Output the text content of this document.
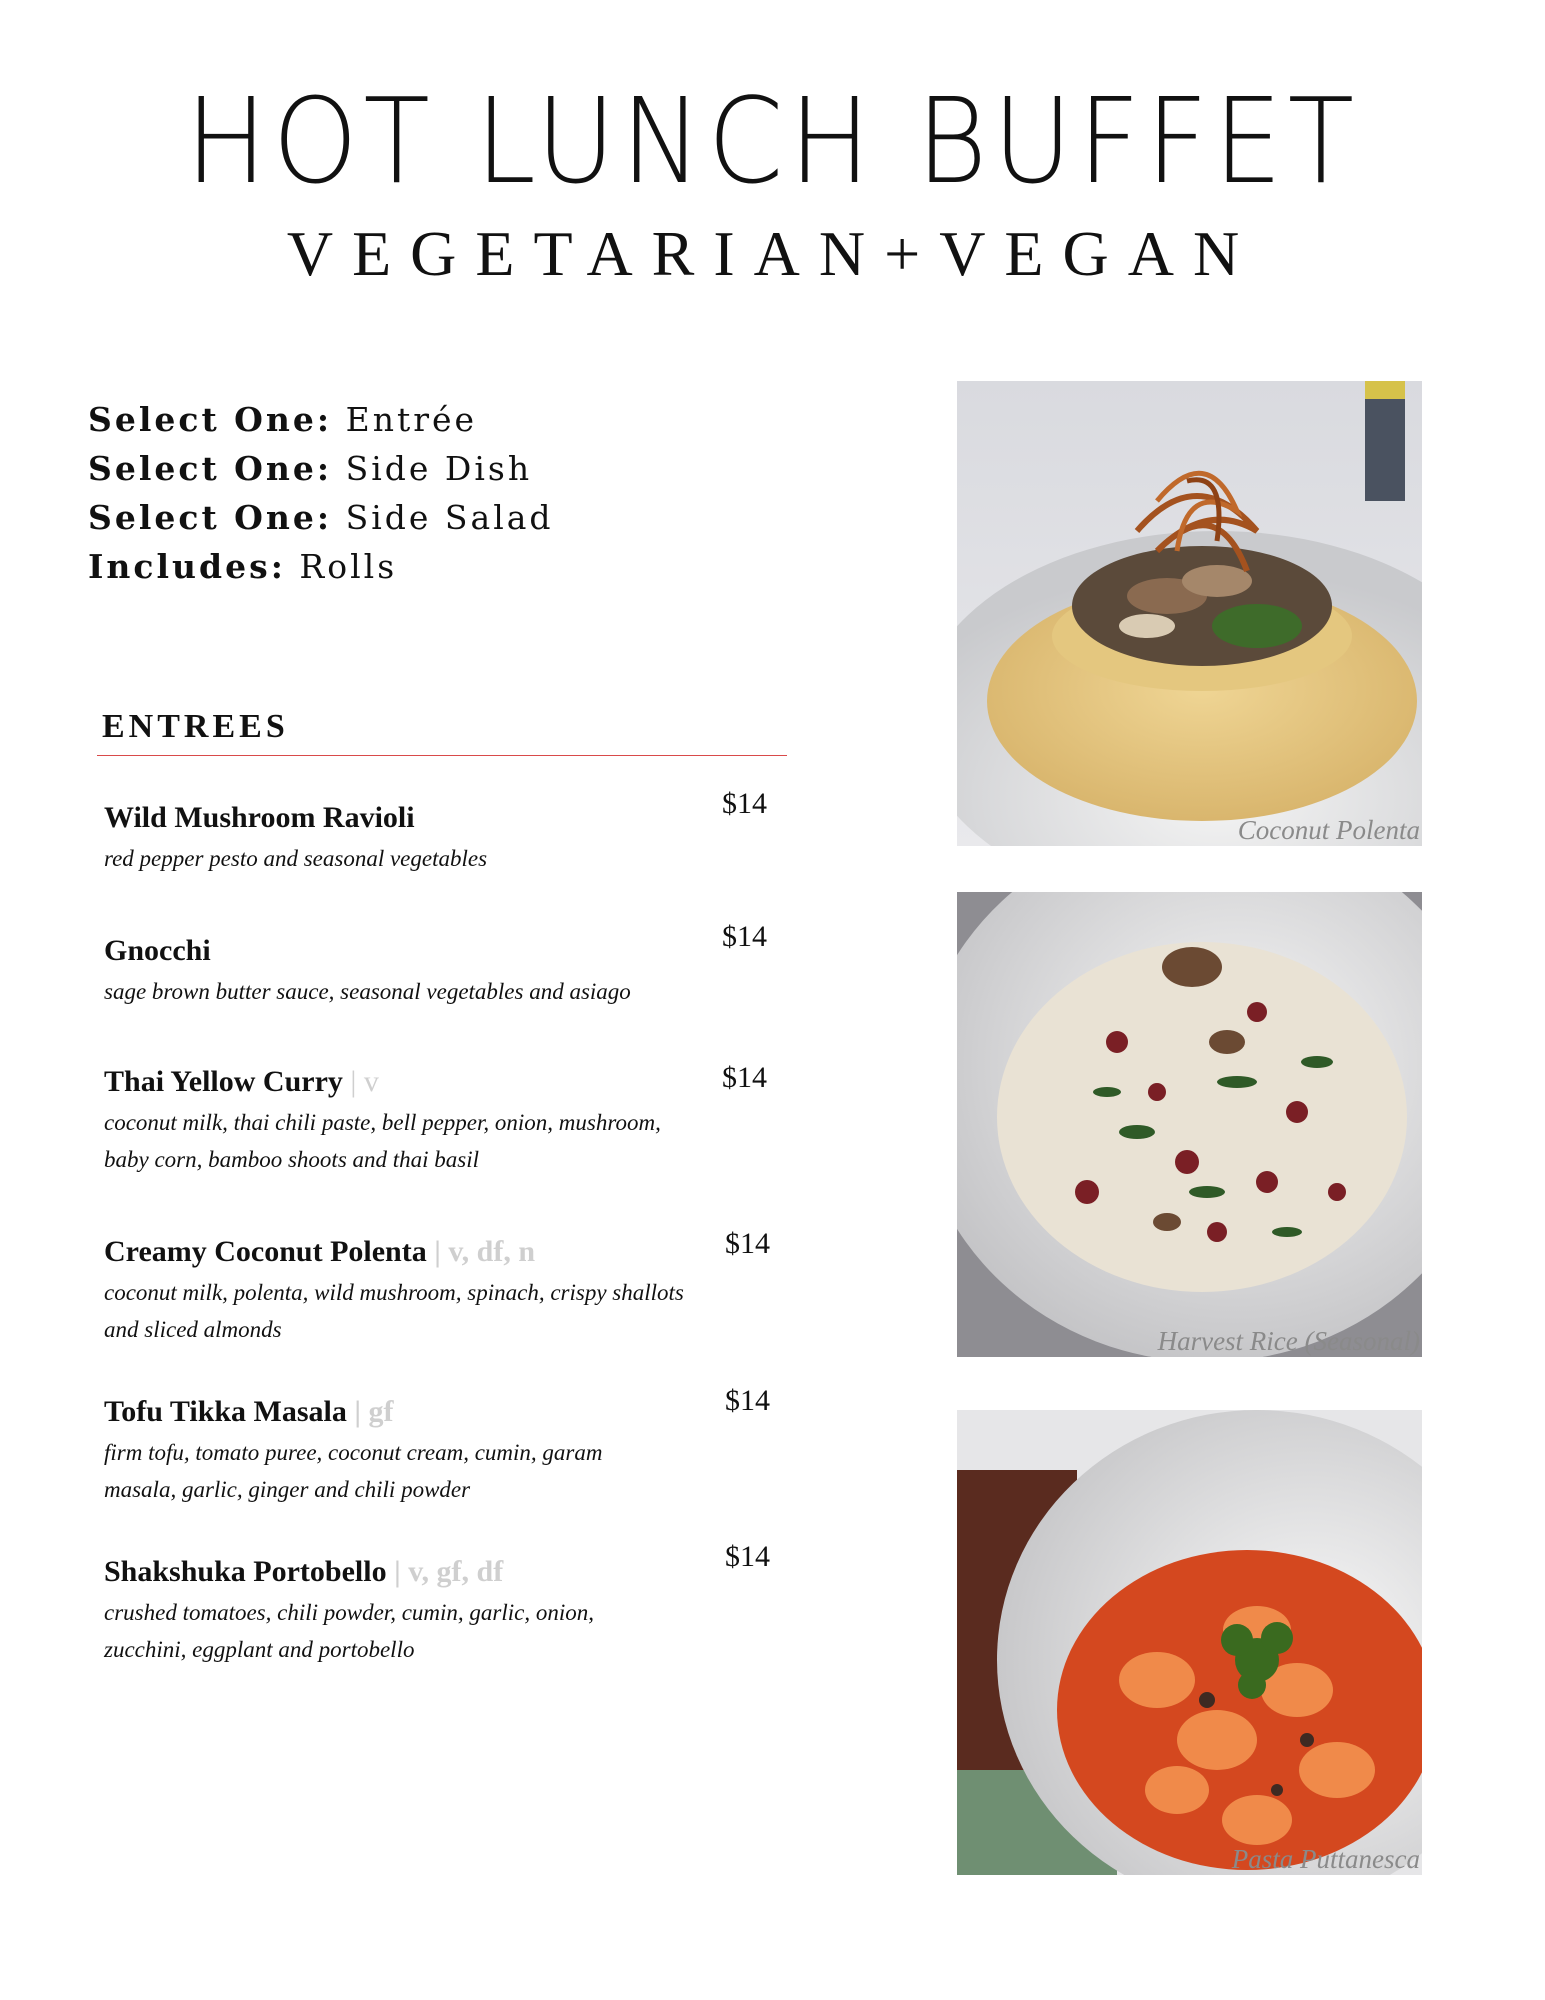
HOT LUNCH BUFFET
VEGETARIAN+VEGAN
Select One: Entrée
Select One: Side Dish
Select One: Side Salad
Includes: Rolls
ENTREES
Wild Mushroom Ravioli
red pepper pesto and seasonal vegetables
$14
Gnocchi
sage brown butter sauce, seasonal vegetables and asiago
$14
Thai Yellow Curry | v
coconut milk, thai chili paste, bell pepper, onion, mushroom, baby corn, bamboo shoots and thai basil
$14
Creamy Coconut Polenta | v, df, n
coconut milk, polenta, wild mushroom, spinach, crispy shallots and sliced almonds
$14
Tofu Tikka Masala | gf
firm tofu, tomato puree, coconut cream, cumin, garam masala, garlic, ginger and chili powder
$14
Shakshuka Portobello | v, gf, df
crushed tomatoes, chili powder, cumin, garlic, onion, zucchini, eggplant and portobello
$14
Coconut Polenta
Harvest Rice (Seasonal)
Pasta Puttanesca
